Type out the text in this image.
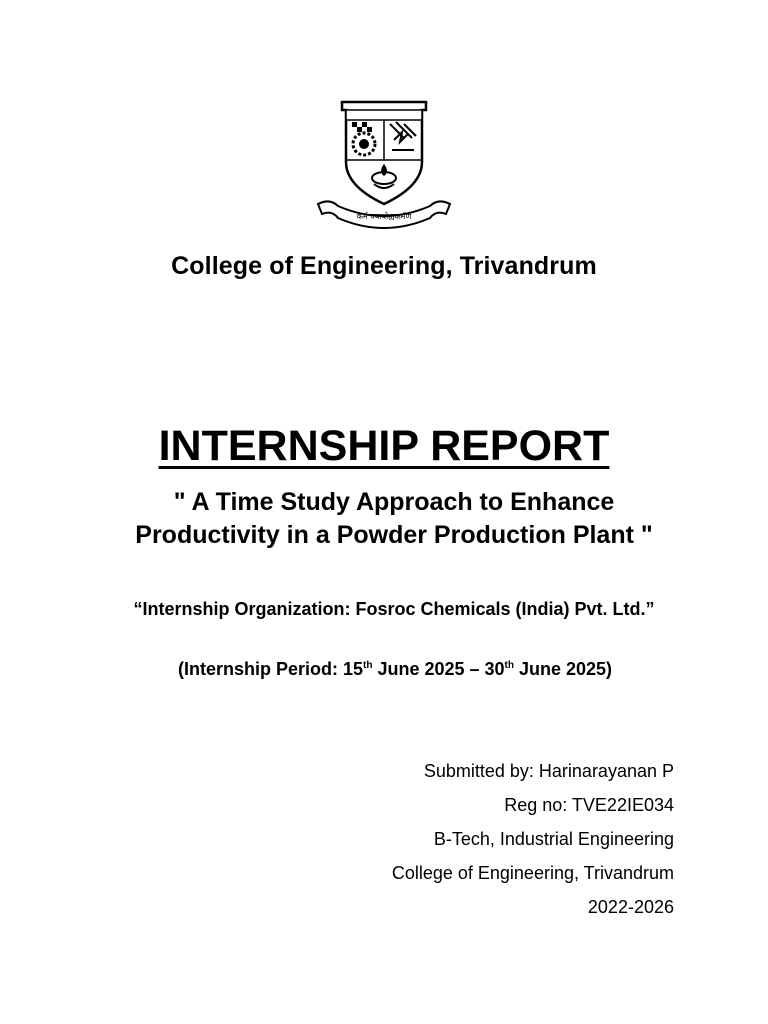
कर्म ज्यायोह्यकर्मण
College of Engineering, Trivandrum
INTERNSHIP REPORT
" A Time Study Approach to Enhance Productivity in a Powder Production Plant "
“Internship Organization: Fosroc Chemicals (India) Pvt. Ltd.”
(Internship Period: 15th June 2025 – 30th June 2025)
Submitted by: Harinarayanan P
Reg no: TVE22IE034
B-Tech, Industrial Engineering
College of Engineering, Trivandrum
2022-2026
